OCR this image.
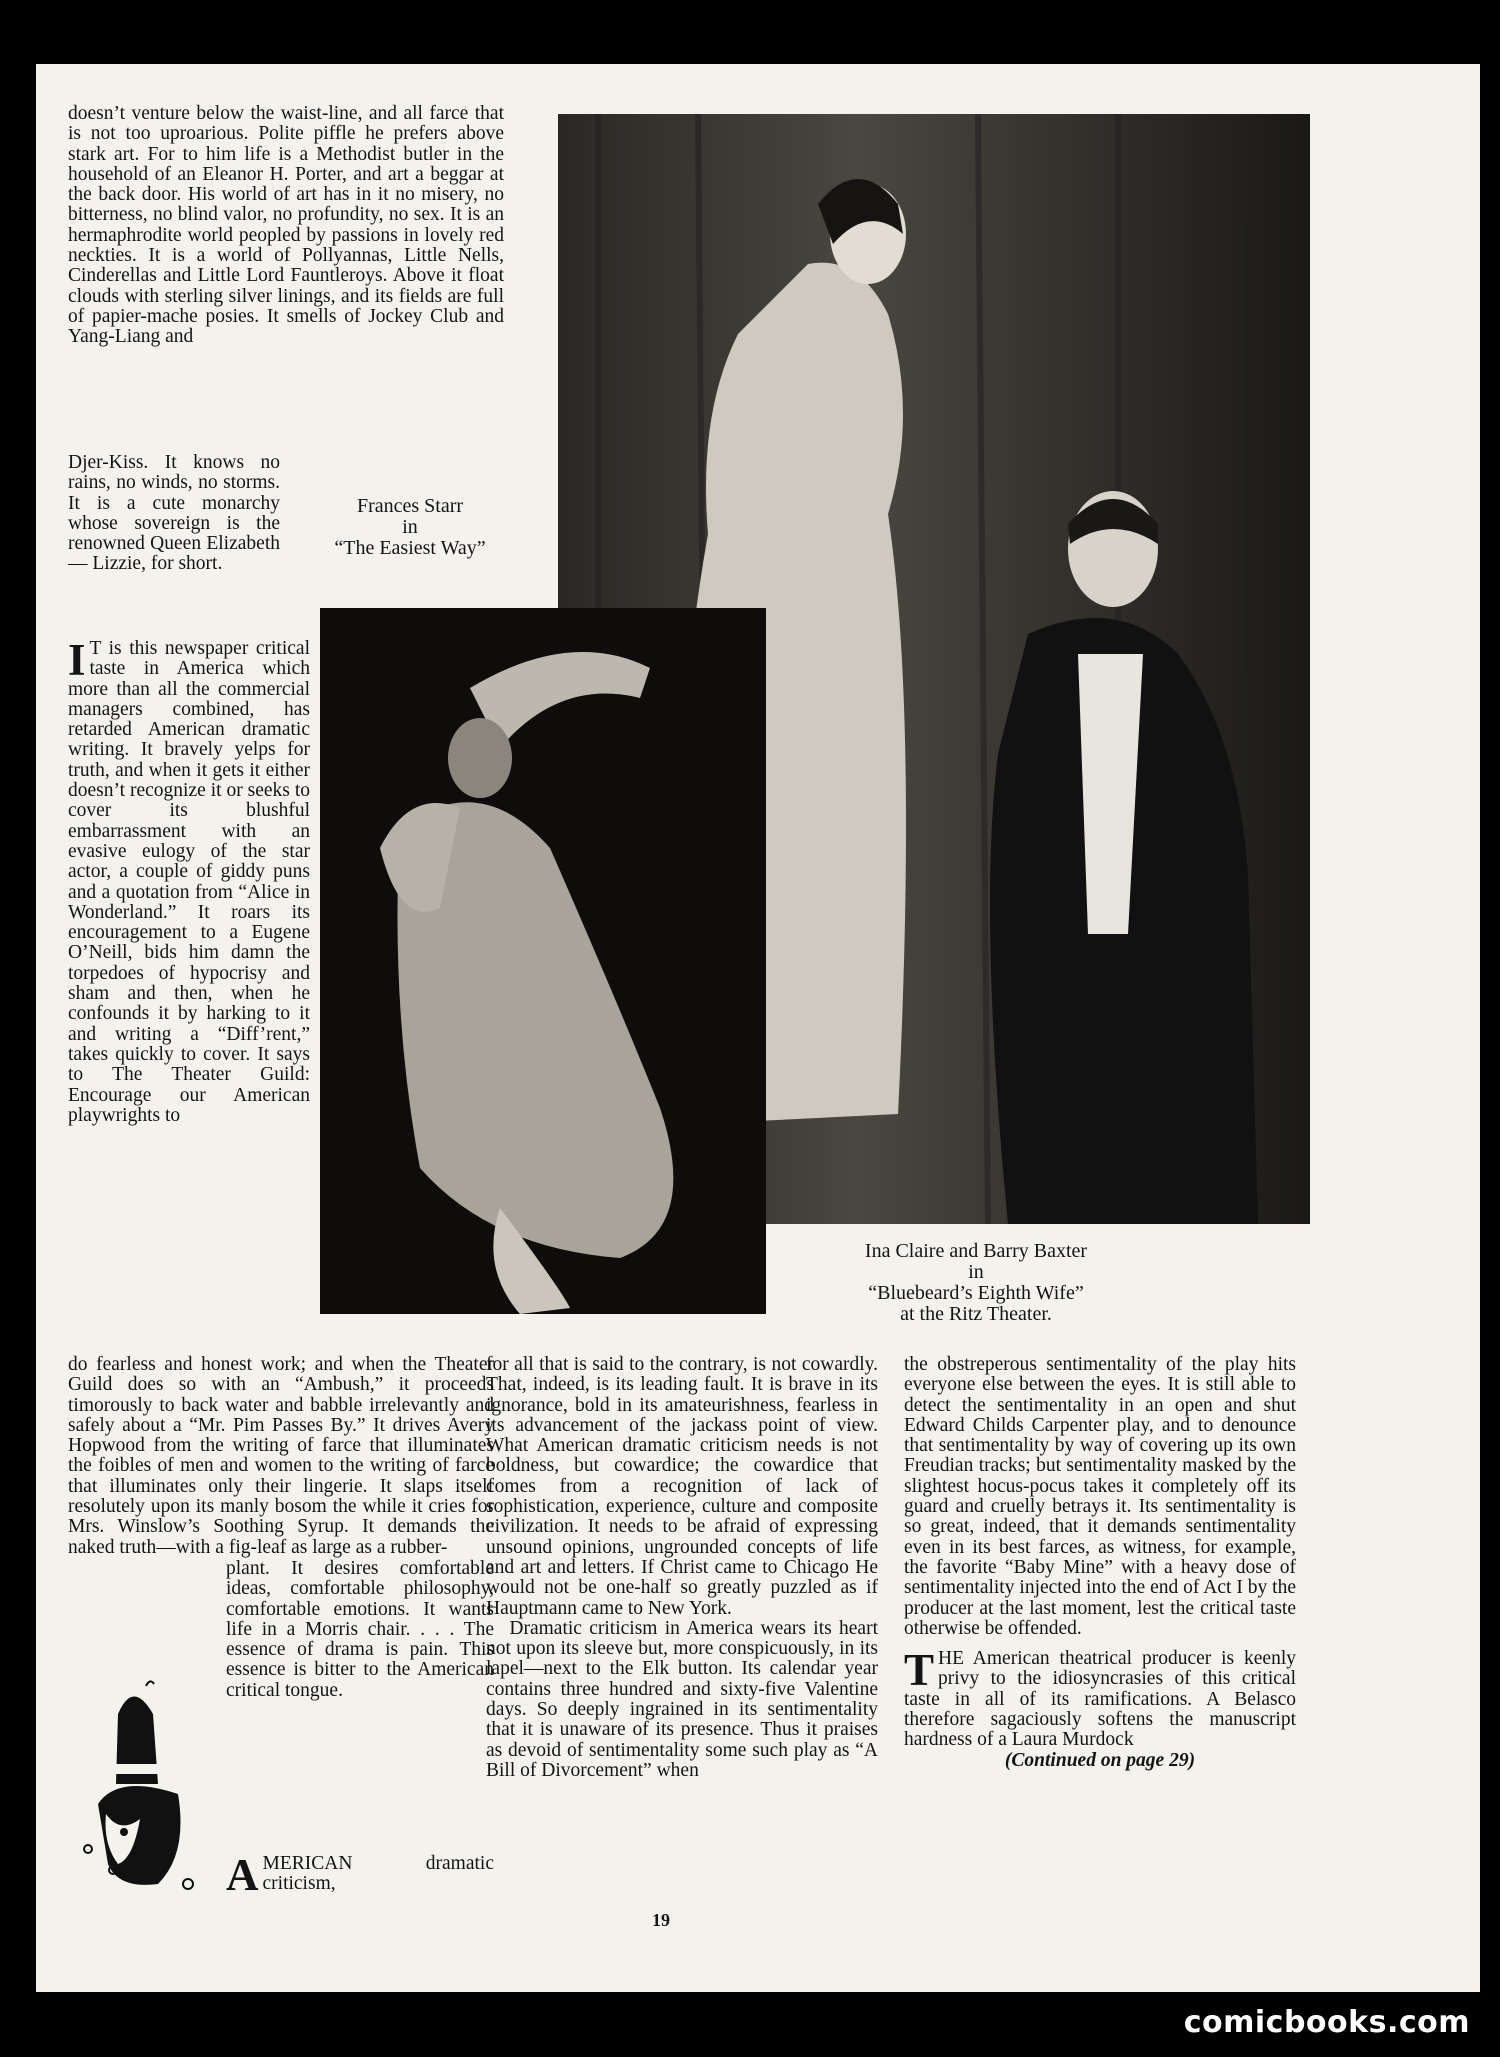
doesn’t venture below the waist-line, and all farce that is not too uproarious. Polite piffle he prefers above stark art. For to him life is a Methodist butler in the household of an Eleanor H. Porter, and art a beggar at the back door. His world of art has in it no misery, no bitterness, no blind valor, no profundity, no sex. It is an hermaphrodite world peopled by passions in lovely red neckties. It is a world of Pollyannas, Little Nells, Cinderellas and Little Lord Fauntleroys. Above it float clouds with sterling silver linings, and its fields are full of papier-mache posies. It smells of Jockey Club and Yang-Liang and

Djer-Kiss. It knows no rains, no winds, no storms. It is a cute monarchy whose sovereign is the renowned Queen Elizabeth — Lizzie, for short.

Frances Starr
in
“The Easiest Way”
I T is this newspaper critical taste in America which more than all the commercial managers combined, has retarded American dramatic writing. It bravely yelps for truth, and when it gets it either doesn’t recognize it or seeks to cover its blushful embarrassment with an evasive eulogy of the star actor, a couple of giddy puns and a quotation from “Alice in Wonderland.” It roars its encouragement to a Eugene O’Neill, bids him damn the torpedoes of hypocrisy and sham and then, when he confounds it by harking to it and writing a “Diff’rent,” takes quickly to cover. It says to The Theater Guild: Encourage our American playwrights to

do fearless and honest work; and when the Theater Guild does so with an “Ambush,” it proceeds timorously to back water and babble irrelevantly and safely about a “Mr. Pim Passes By.” It drives Avery Hopwood from the writing of farce that illuminates the foibles of men and women to the writing of farce that illuminates only their lingerie. It slaps itself resolutely upon its manly bosom the while it cries for Mrs. Winslow’s Soothing Syrup. It demands the naked truth—with a fig-leaf as large as a rubber-

plant. It desires comfortable ideas, comfortable philosophy, comfortable emotions. It wants life in a Morris chair. . . . The essence of drama is pain. This essence is bitter to the American critical tongue.

A MERICAN dramatic criticism,
Ina Claire and Barry Baxter
in
“Bluebeard’s Eighth Wife”
at the Ritz Theater.

for all that is said to the contrary, is not cowardly. That, indeed, is its leading fault. It is brave in its ignorance, bold in its amateurishness, fearless in its advancement of the jackass point of view. What American dramatic criticism needs is not boldness, but cowardice; the cowardice that comes from a recognition of lack of sophistication, experience, culture and composite civilization. It needs to be afraid of expressing unsound opinions, ungrounded concepts of life and art and letters. If Christ came to Chicago He would not be one-half so greatly puzzled as if Hauptmann came to New York.

Dramatic criticism in America wears its heart not upon its sleeve but, more conspicuously, in its lapel—next to the Elk button. Its calendar year contains three hundred and sixty-five Valentine days. So deeply ingrained in its sentimentality that it is unaware of its presence. Thus it praises as devoid of sentimentality some such play as “A Bill of Divorcement” when

the obstreperous sentimentality of the play hits everyone else between the eyes. It is still able to detect the sentimentality in an open and shut Edward Childs Carpenter play, and to denounce that sentimentality by way of covering up its own Freudian tracks; but sentimentality masked by the slightest hocus-pocus takes it completely off its guard and cruelly betrays it. Its sentimentality is so great, indeed, that it demands sentimentality even in its best farces, as witness, for example, the favorite “Baby Mine” with a heavy dose of sentimentality injected into the end of Act I by the producer at the last moment, lest the critical taste otherwise be offended.

T HE American theatrical producer is keenly privy to the idiosyncrasies of this critical taste in all of its ramifications. A Belasco therefore sagaciously softens the manuscript hardness of a Laura Murdock

(Continued on page 29)

19
comicbooks.com
